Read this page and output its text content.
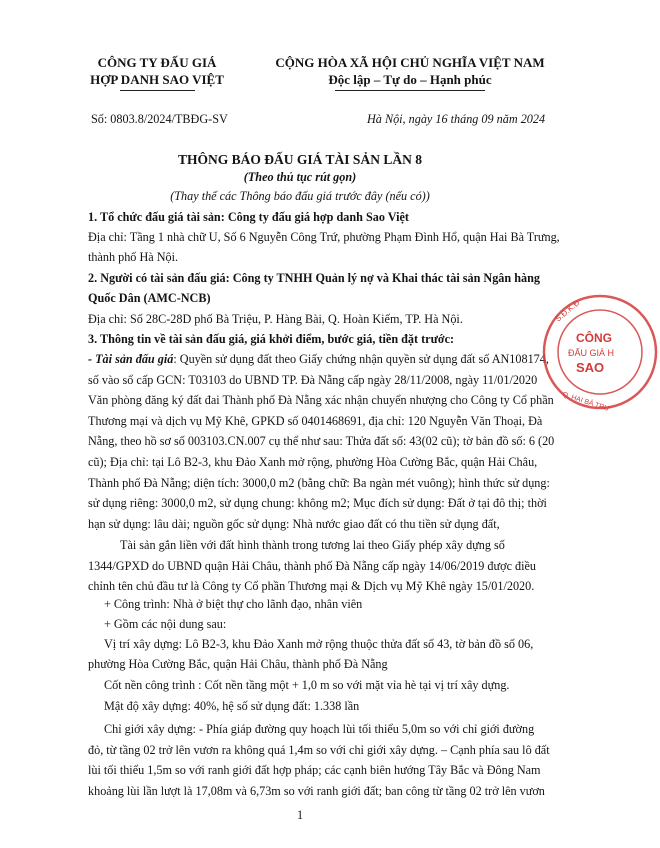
CÔNG TY ĐẤU GIÁ
HỢP DANH SAO VIỆT
CỘNG HÒA XÃ HỘI CHỦ NGHĨA VIỆT NAM
Độc lập – Tự do – Hạnh phúc
Số: 0803.8/2024/TBĐG-SV	Hà Nội, ngày 16 tháng 09 năm 2024
THÔNG BÁO ĐẤU GIÁ TÀI SẢN LẦN 8
(Theo thủ tục rút gọn)
(Thay thế các Thông báo đấu giá trước đây (nếu có))
1. Tổ chức đấu giá tài sản: Công ty đấu giá hợp danh Sao Việt
Địa chỉ: Tầng 1 nhà chữ U, Số 6 Nguyễn Công Trứ, phường Phạm Đình Hổ, quận Hai Bà Trưng,
thành phố Hà Nội.
2. Người có tài sản đấu giá: Công ty TNHH Quản lý nợ và Khai thác tài sản Ngân hàng
Quốc Dân (AMC-NCB)
Địa chỉ: Số 28C-28D phố Bà Triệu, P. Hàng Bài, Q. Hoàn Kiếm, TP. Hà Nội.
3. Thông tin về tài sản đấu giá, giá khởi điểm, bước giá, tiền đặt trước:
- Tài sản đấu giá: Quyền sử dụng đất theo Giấy chứng nhận quyền sử dụng đất số AN108174,
số vào sổ cấp GCN: T03103 do UBND TP. Đà Nẵng cấp ngày 28/11/2008, ngày 11/01/2020
Văn phòng đăng ký đất đai Thành phố Đà Nẵng xác nhận chuyển nhượng cho Công ty Cổ phần
Thương mại và dịch vụ Mỹ Khê, GPKD số 0401468691, địa chỉ: 120 Nguyễn Văn Thoại, Đà
Nẵng, theo hồ sơ số 003103.CN.007 cụ thể như sau: Thửa đất số: 43(02 cũ); tờ bản đồ số: 6 (20
cũ); Địa chỉ: tại Lô B2-3, khu Đảo Xanh mở rộng, phường Hòa Cường Bắc, quận Hải Châu,
Thành phố Đà Nẵng; diện tích: 3000,0 m2 (bằng chữ: Ba ngàn mét vuông); hình thức sử dụng:
sử dụng riêng: 3000,0 m2, sử dụng chung: không m2; Mục đích sử dụng: Đất ở tại đô thị; thời
hạn sử dụng: lâu dài; nguồn gốc sử dụng: Nhà nước giao đất có thu tiền sử dụng đất,
Tài sản gắn liền với đất hình thành trong tương lai theo Giấy phép xây dựng số
1344/GPXD do UBND quận Hải Châu, thành phố Đà Nẵng cấp ngày 14/06/2019 được điều
chỉnh tên chủ đầu tư là Công ty Cổ phần Thương mại & Dịch vụ Mỹ Khê ngày 15/01/2020.
+ Công trình: Nhà ở biệt thự cho lãnh đạo, nhân viên
+ Gồm các nội dung sau:
Vị trí xây dựng: Lô B2-3, khu Đảo Xanh mở rộng thuộc thửa đất số 43, tờ bản đồ số 06,
phường Hòa Cường Bắc, quận Hải Châu, thành phố Đà Nẵng
Cốt nền công trình : Cốt nền tầng một + 1,0 m so với mặt vỉa hè tại vị trí xây dựng.
Mật độ xây dựng: 40%, hệ số sử dụng đất: 1.338 lần
Chỉ giới xây dựng: - Phía giáp đường quy hoạch lùi tối thiểu 5,0m so với chỉ giới đường
đỏ, từ tầng 02 trở lên vươn ra không quá 1,4m so với chỉ giới xây dựng. – Cạnh phía sau lô đất
lùi tối thiểu 1,5m so với ranh giới đất hợp pháp; các cạnh biên hướng Tây Bắc và Đông Nam
khoảng lùi lần lượt là 17,08m và 6,73m so với ranh giới đất; ban công từ tầng 02 trở lên vươn
1
S.Đ.K.Đ
CÔNG
ĐẤU GIÁ H
SAO
Q. HAI BÀ TRƯ
